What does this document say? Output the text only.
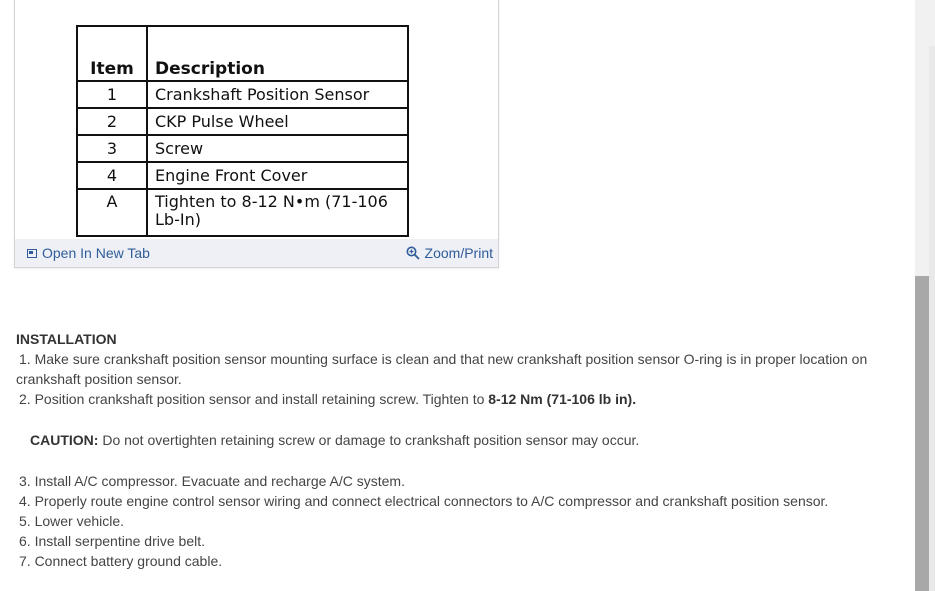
Item	Description
1	Crankshaft Position Sensor
2	CKP Pulse Wheel
3	Screw
4	Engine Front Cover
A	Tighten to 8-12 N•m (71-106
Lb-In)
Open In New Tab	Zoom/Print
INSTALLATION

1. Make sure crankshaft position sensor mounting surface is clean and that new crankshaft position sensor O-ring is in proper location on crankshaft position sensor.

2. Position crankshaft position sensor and install retaining screw. Tighten to 8-12 Nm (71-106 lb in).

CAUTION: Do not overtighten retaining screw or damage to crankshaft position sensor may occur.

3. Install A/C compressor. Evacuate and recharge A/C system.

4. Properly route engine control sensor wiring and connect electrical connectors to A/C compressor and crankshaft position sensor.

5. Lower vehicle.

6. Install serpentine drive belt.

7. Connect battery ground cable.
